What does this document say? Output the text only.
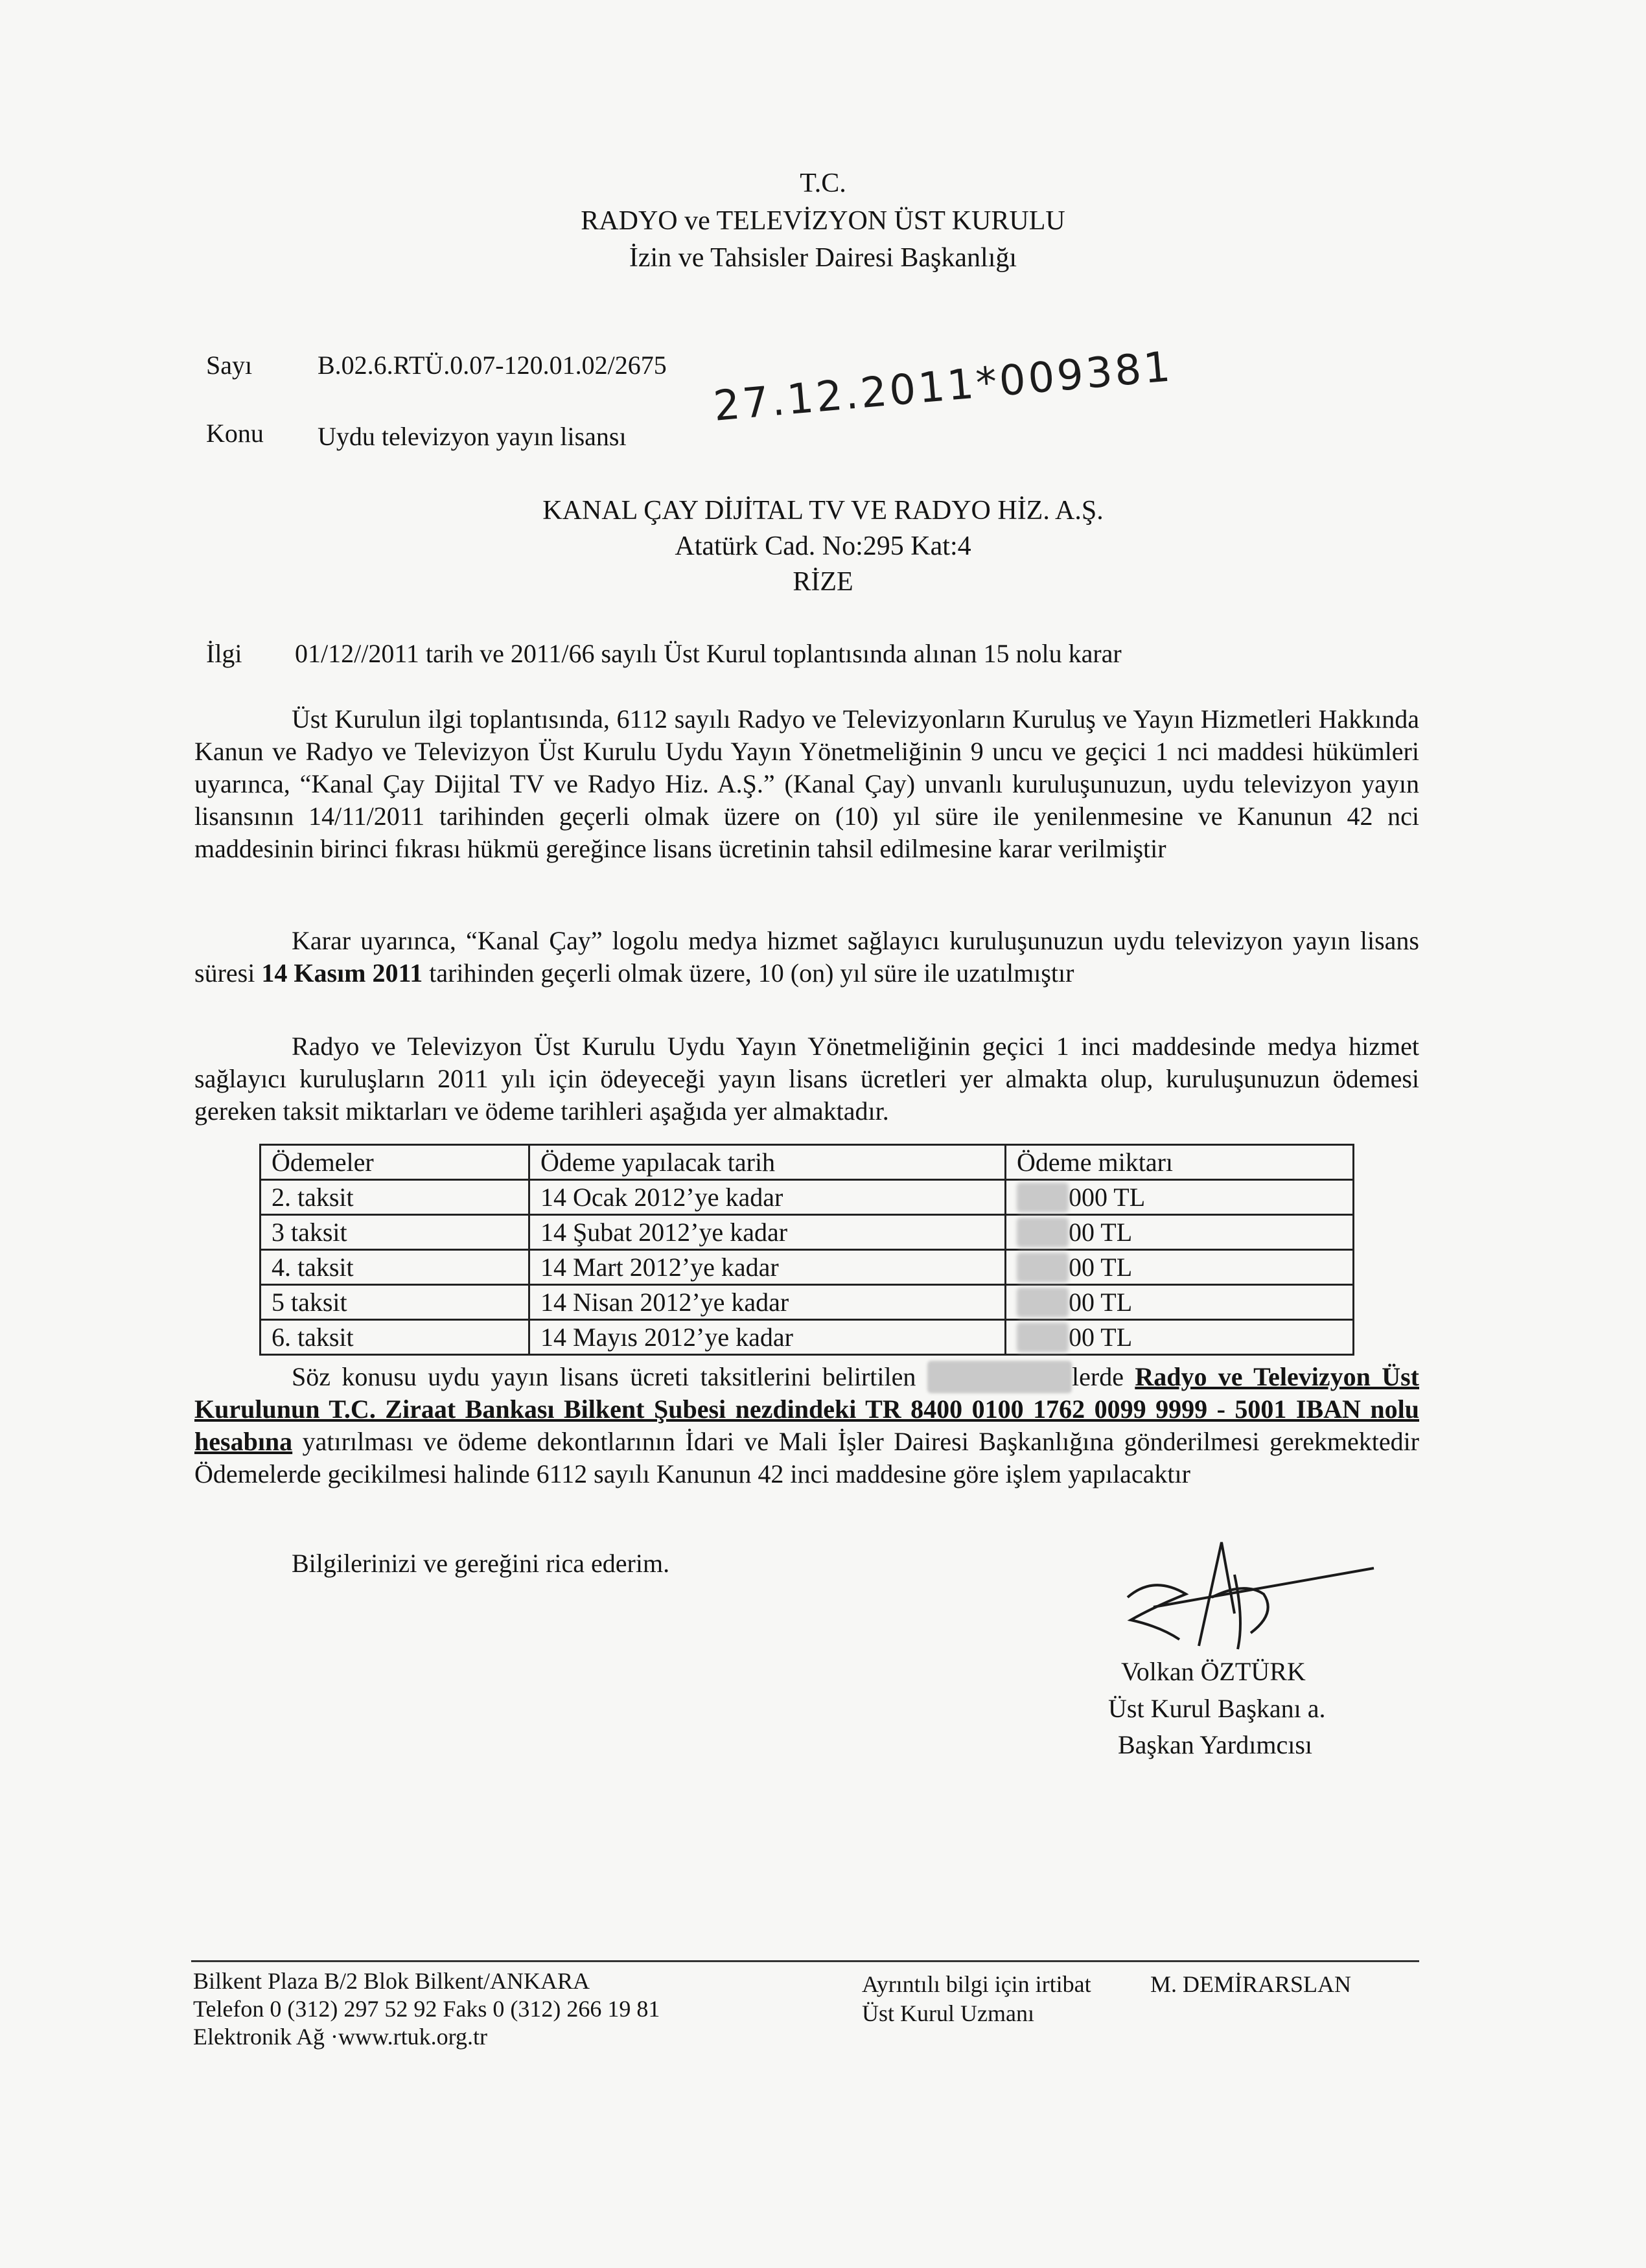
T.C.
RADYO ve TELEVİZYON ÜST KURULU
İzin ve Tahsisler Dairesi Başkanlığı
Sayı	B.02.6.RTÜ.0.07-120.01.02/2675
Konu Uydu televizyon yayın lisansı
27.12.2011*009381
KANAL ÇAY DİJİTAL TV VE RADYO HİZ. A.Ş.
Atatürk Cad. No:295 Kat:4
RİZE
İlgi 01/12//2011 tarih ve 2011/66 sayılı Üst Kurul toplantısında alınan 15 nolu karar
Üst Kurulun ilgi toplantısında, 6112 sayılı Radyo ve Televizyonların Kuruluş ve Yayın Hizmetleri Hakkında Kanun ve Radyo ve Televizyon Üst Kurulu Uydu Yayın Yönetmeliğinin 9 uncu ve geçici 1 nci maddesi hükümleri uyarınca, “Kanal Çay Dijital TV ve Radyo Hiz. A.Ş.” (Kanal Çay) unvanlı kuruluşunuzun, uydu televizyon yayın lisansının 14/11/2011 tarihinden geçerli olmak üzere on (10) yıl süre ile yenilenmesine ve Kanunun 42 nci maddesinin birinci fıkrası hükmü gereğince lisans ücretinin tahsil edilmesine karar verilmiştir
Karar uyarınca, “Kanal Çay” logolu medya hizmet sağlayıcı kuruluşunuzun uydu televizyon yayın lisans süresi 14 Kasım 2011 tarihinden geçerli olmak üzere, 10 (on) yıl süre ile uzatılmıştır
Radyo ve Televizyon Üst Kurulu Uydu Yayın Yönetmeliğinin geçici 1 inci maddesinde medya hizmet sağlayıcı kuruluşların 2011 yılı için ödeyeceği yayın lisans ücretleri yer almakta olup, kuruluşunuzun ödemesi gereken taksit miktarları ve ödeme tarihleri aşağıda yer almaktadır.
Ödemeler	Ödeme yapılacak tarih	Ödeme miktarı
2. taksit	14 Ocak 2012’ye kadar	000 TL
3 taksit	14 Şubat 2012’ye kadar	00 TL
4. taksit	14 Mart 2012’ye kadar	00 TL
5 taksit	14 Nisan 2012’ye kadar	00 TL
6. taksit	14 Mayıs 2012’ye kadar	00 TL
Söz konusu uydu yayın lisans ücreti taksitlerini belirtilen	lerde Radyo ve Televizyon Üst Kurulunun T.C. Ziraat Bankası Bilkent Şubesi nezdindeki TR 8400 0100 1762 0099 9999 - 5001 IBAN nolu hesabına yatırılması ve ödeme dekontlarının İdari ve Mali İşler Dairesi Başkanlığına gönderilmesi gerekmektedir Ödemelerde gecikilmesi halinde 6112 sayılı Kanunun 42 inci maddesine göre işlem yapılacaktır
Bilgilerinizi ve gereğini rica ederim.
Volkan ÖZTÜRK
Üst Kurul Başkanı a.
Başkan Yardımcısı
Bilkent Plaza B/2 Blok Bilkent/ANKARA
Telefon 0 (312) 297 52 92 Faks 0 (312) 266 19 81
Elektronik Ağ ·www.rtuk.org.tr
Ayrıntılı bilgi için irtibat	M. DEMİRARSLAN
Üst Kurul Uzmanı
